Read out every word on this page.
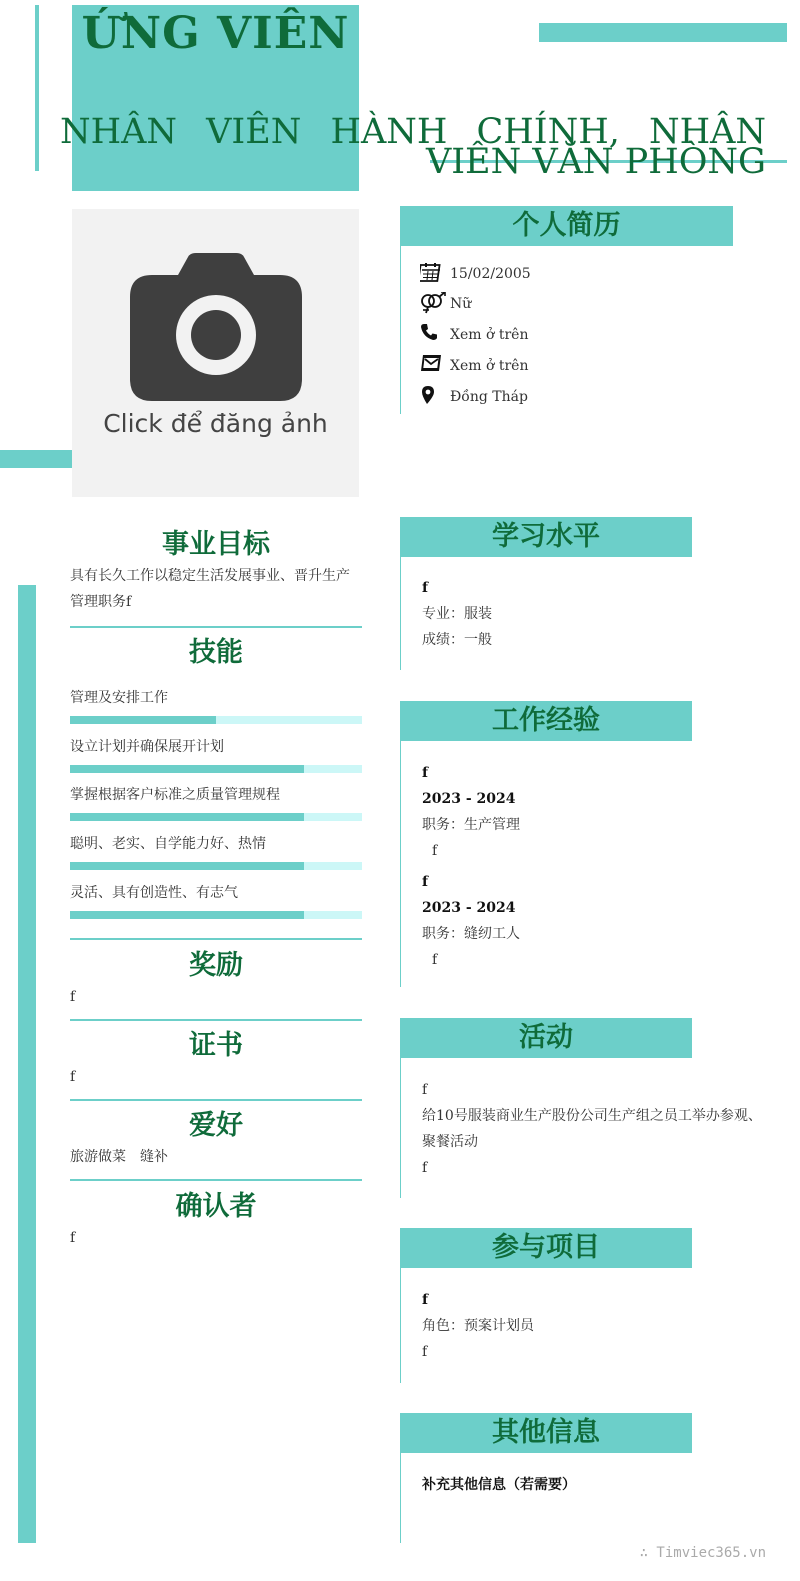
ỨNG VIÊN
NHÂN VIÊN HÀNH CHÍNH, NHÂN VIÊN VĂN PHÒNG
Click để đăng ảnh
个人简历
15/02/2005
Nữ
Xem ở trên
Xem ở trên
Đồng Tháp
事业目标
具有长久工作以稳定生活发展事业、晋升生产管理职务f
技能
管理及安排工作
设立计划并确保展开计划
掌握根据客户标准之质量管理规程
聪明、老实、自学能力好、热情
灵活、具有创造性、有志气
奖励
f
证书
f
爱好
旅游做菜　缝补
确认者
f
学习水平
f
专业：服装
成绩：一般
工作经验
f
2023 - 2024
职务：生产管理
f
f
2023 - 2024
职务：缝纫工人
f
活动
f
给10号服装商业生产股份公司生产组之员工举办参观、聚餐活动
f
参与项目
f
角色：预案计划员
f
其他信息
补充其他信息（若需要）
∴ Timviec365.vn
